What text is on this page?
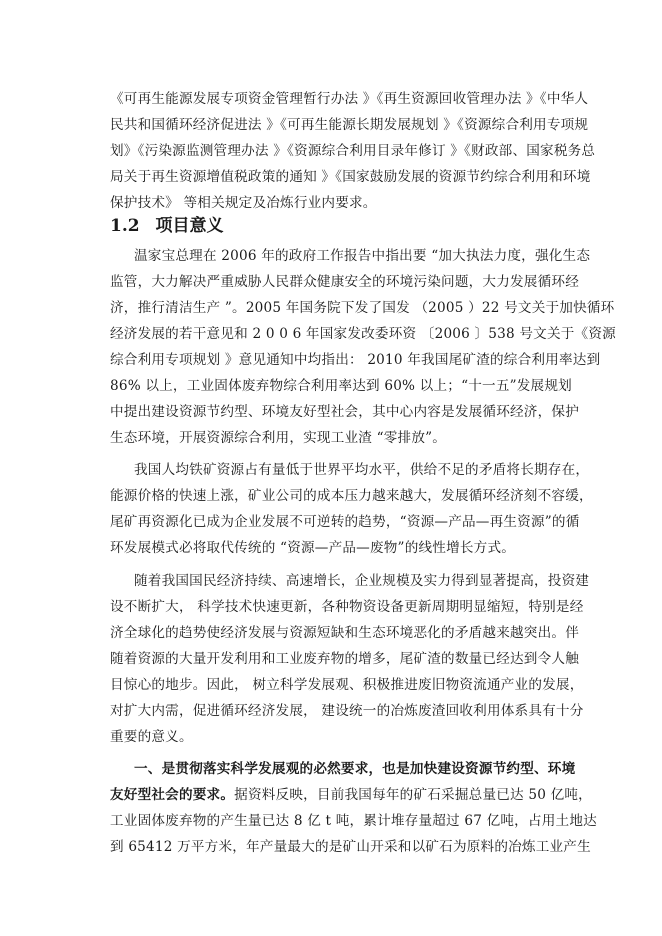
《可再生能源发展专项资金管理暂行办法 》《再生资源回收管理办法 》《中华人
民共和国循环经济促进法 》《可再生能源长期发展规划 》《资源综合利用专项规
划》《污染源监测管理办法 》《资源综合利用目录年修订 》《财政部、国家税务总
局关于再生资源增值税政策的通知 》《国家鼓励发展的资源节约综合利用和环境
保护技术》 等相关规定及冶炼行业内要求。
1.2 项目意义
温家宝总理在 2006 年的政府工作报告中指出要 “加大执法力度，强化生态
监管，大力解决严重威胁人民群众健康安全的环境污染问题，大力发展循环经
济，推行清洁生产 ”。2005 年国务院下发了国发 （2005 ）22 号文关于加快循环
经济发展的若干意见和 2 0 0 6 年国家发改委环资 〔2006 〕538 号文关于《资源
综合利用专项规划 》意见通知中均指出： 2010 年我国尾矿渣的综合利用率达到
86% 以上，工业固体废弃物综合利用率达到 60% 以上；“十一五”发展规划
中提出建设资源节约型、环境友好型社会，其中心内容是发展循环经济，保护
生态环境，开展资源综合利用，实现工业渣 “零排放”。
我国人均铁矿资源占有量低于世界平均水平，供给不足的矛盾将长期存在，
能源价格的快速上涨，矿业公司的成本压力越来越大，发展循环经济刻不容缓，
尾矿再资源化已成为企业发展不可逆转的趋势，“资源—产品—再生资源”的循
环发展模式必将取代传统的 “资源—产品—废物”的线性增长方式。
随着我国国民经济持续、高速增长，企业规模及实力得到显著提高，投资建
设不断扩大， 科学技术快速更新，各种物资设备更新周期明显缩短，特别是经
济全球化的趋势使经济发展与资源短缺和生态环境恶化的矛盾越来越突出。伴
随着资源的大量开发利用和工业废弃物的增多，尾矿渣的数量已经达到令人触
目惊心的地步。因此， 树立科学发展观、积极推进废旧物资流通产业的发展，
对扩大内需，促进循环经济发展， 建设统一的冶炼废渣回收利用体系具有十分
重要的意义。
一、是贯彻落实科学发展观的必然要求，也是加快建设资源节约型、环境
友好型社会的要求。据资料反映，目前我国每年的矿石采掘总量已达 50 亿吨，
工业固体废弃物的产生量已达 8 亿 t 吨，累计堆存量超过 67 亿吨，占用土地达
到 65412 万平方米，年产量最大的是矿山开采和以矿石为原料的冶炼工业产生
